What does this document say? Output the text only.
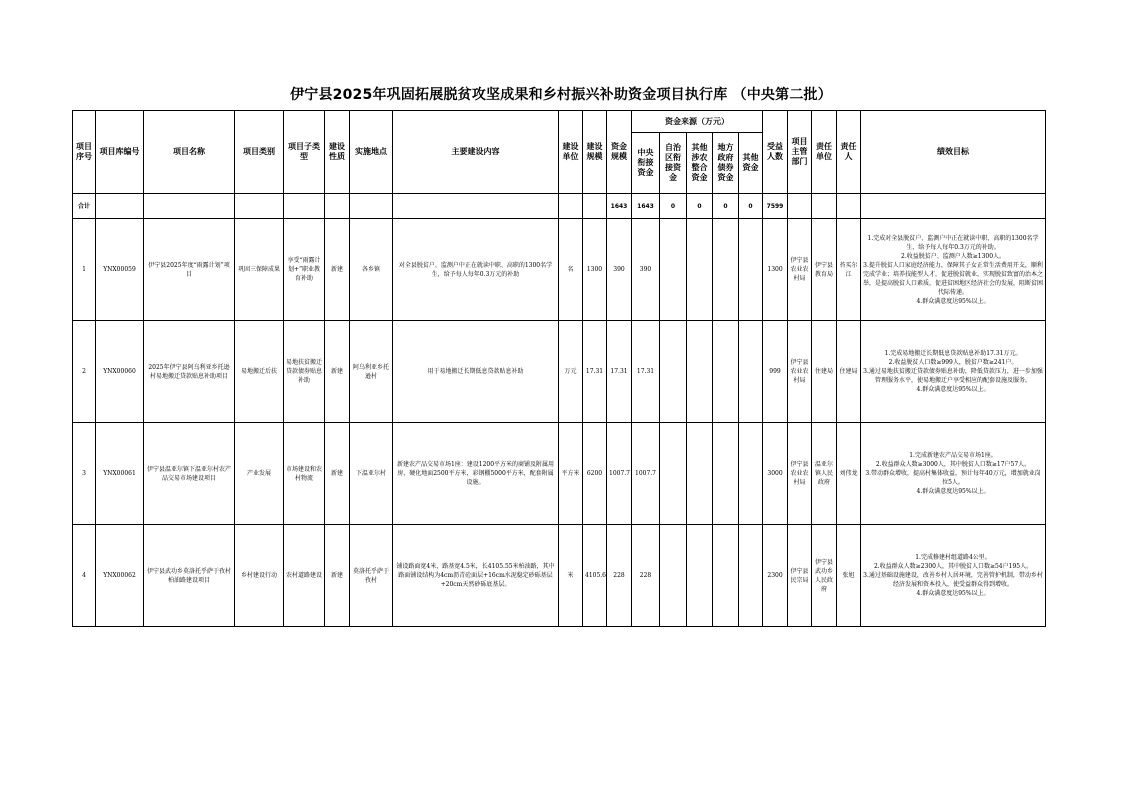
伊宁县2025年巩固拓展脱贫攻坚成果和乡村振兴补助资金项目执行库 （中央第二批）
项目序号	项目库编号	项目名称	项目类别	项目子类型	建设性质	实施地点	主要建设内容	建设单位	建设规模	资金规模	资金来源（万元）					受益人数	项目主管部门	责任单位	责任人	绩效目标
											中央衔接资金	自治区衔接资金	其他涉农整合资金	地方政府债券资金	其他资金					
合计										1643	1643	0	0	0	0	7599				
1	YNX00059	伊宁县2025年度“雨露计划”项目	巩固三保障成果	享受“雨露计划+”职业教育补助	新建	各乡镇	对全县脱贫户、监测户中正在就读中职、高职的1300名学生，给予每人每年0.3万元的补助	名	1300	390	390					1300	伊宁县农业农村局	伊宁县教育局	苔买尔江	1.完成对全县脱贫户、监测户中正在就读中职、高职的1300名学生，给予每人每年0.3万元的补助。
2.收益脱贫户、监测户人数≥1300人。
3.提升脱贫人口家庭经济能力，保障其子女正常生活费用开支，顺利完成学业；培养技能型人才，促进脱贫就业，实现脱贫致富的治本之举，是提高脱贫人口素质，促进贫困地区经济社会的发展，阻断贫困代际传递。
4.群众满意度达95%以上。

2	YNX00060	2025年伊宁县阿乌利亚乡托逊村易地搬迁贷款贴息补助项目	易地搬迁后扶	易地扶贫搬迁贷款债券贴息补助	新建	阿乌利亚乡托逊村	用于易地搬迁长期低息贷款贴息补助	万元	17.31	17.31	17.31					999	伊宁县农业农村局	住建局	住建局	1.完成易地搬迁长期低息贷款贴息补助17.31万元。
2.收益脱贫人口数≥999人，脱贫户数≥241户。
3.通过易地扶贫搬迁贷款债券贴息补助，降低贷款压力，进一步加强管理服务水平，使易地搬迁户享受相应的配套设施及服务。
4.群众满意度达95%以上。

3	YNX00061	伊宁县温亚尔镇下温亚尔村农产品交易市场建设项目	产业发展	市场建设和农村物流	新建	下温亚尔村	新建农产品交易市场1座：建设1200平方米的商铺及附属用房，硬化地面2500平方米，彩钢棚5000平方米，配套附属设施。	平方米	6200	1007.7	1007.7					3000	伊宁县农业农村局	温亚尔镇人民政府	刘伟龙	1.完成新建农产品交易市场1座。
2.收益群众人数≥3000人，其中脱贫人口数≥17户57人。
3.带动群众增收，提高村集体收益，预计每年40万元，增加就业岗位5人。
4.群众满意度达95%以上。

4	YNX00062	伊宁县武功乡莫洛托乎萨于孜村柏油路建设项目	乡村建设行动	农村道路建设	新建	莫洛托乎萨于孜村	铺设路面宽4米，路基宽4.5米，长4105.55米柏油路，其中路面铺设结构为4cm沥青砼面层+16cm水泥稳定砂砾基层+20cm天然砂砾底基层。	米	4105.6	228	228					2300	伊宁县民宗局	伊宁县武功乡人民政府	张旭	1.完成修建村组道路4公里。
2.收益群众人数≥2300人，其中脱贫人口数≥54户195人。
3.通过基础设施建设，改善乡村人居环境，完善管护机制，带动乡村经济发展和资本投入，使受益群众得到增收。
4.群众满意度达95%以上。
